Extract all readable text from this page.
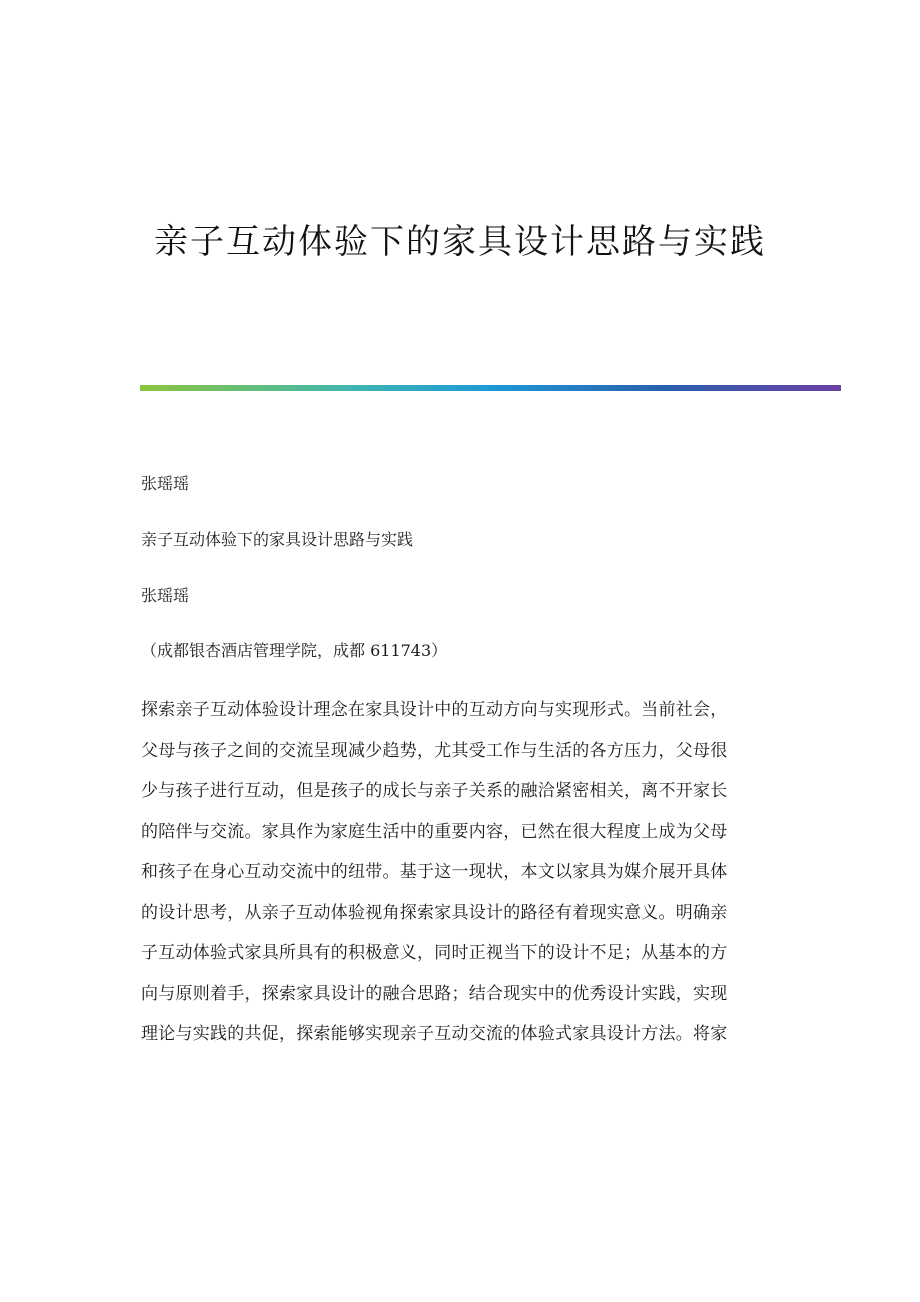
亲子互动体验下的家具设计思路与实践
张瑶瑶
亲子互动体验下的家具设计思路与实践
张瑶瑶
（成都银杏酒店管理学院，成都 611743）
探索亲子互动体验设计理念在家具设计中的互动方向与实现形式。当前社会，
父母与孩子之间的交流呈现减少趋势，尤其受工作与生活的各方压力，父母很
少与孩子进行互动，但是孩子的成长与亲子关系的融洽紧密相关，离不开家长
的陪伴与交流。家具作为家庭生活中的重要内容，已然在很大程度上成为父母
和孩子在身心互动交流中的纽带。基于这一现状，本文以家具为媒介展开具体
的设计思考，从亲子互动体验视角探索家具设计的路径有着现实意义。明确亲
子互动体验式家具所具有的积极意义，同时正视当下的设计不足；从基本的方
向与原则着手，探索家具设计的融合思路；结合现实中的优秀设计实践，实现
理论与实践的共促，探索能够实现亲子互动交流的体验式家具设计方法。将家
